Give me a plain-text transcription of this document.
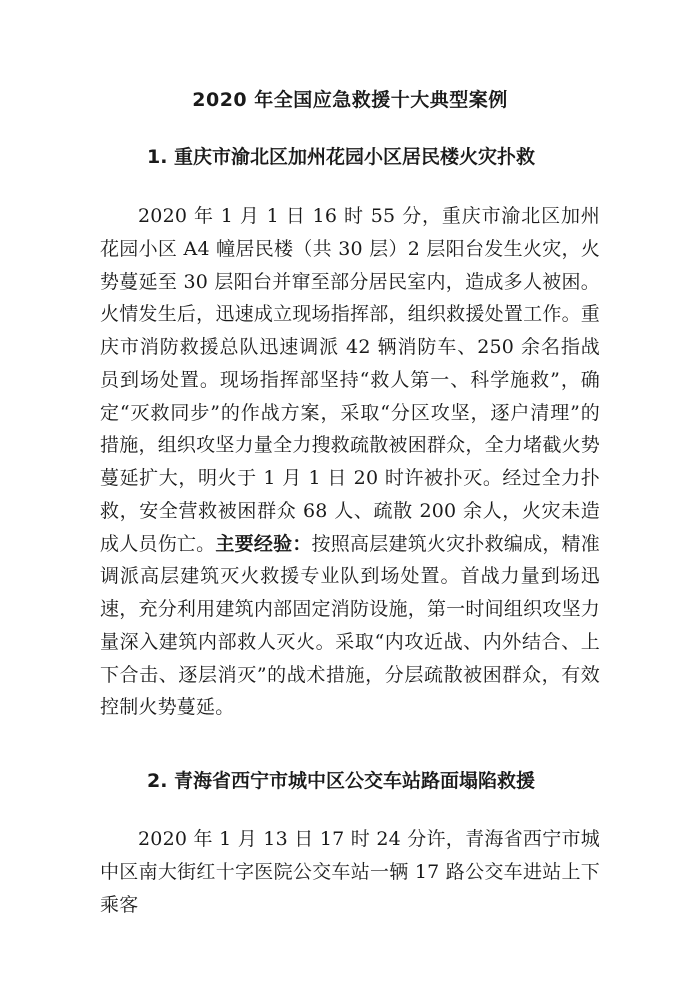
2020 年全国应急救援十大典型案例
1. 重庆市渝北区加州花园小区居民楼火灾扑救

2020 年 1 月 1 日 16 时 55 分，重庆市渝北区加州花园小区 A4 幢居民楼（共 30 层）2 层阳台发生火灾，火势蔓延至 30 层阳台并窜至部分居民室内，造成多人被困。火情发生后，迅速成立现场指挥部，组织救援处置工作。重庆市消防救援总队迅速调派 42 辆消防车、250 余名指战员到场处置。现场指挥部坚持“救人第一、科学施救”，确定“灭救同步”的作战方案，采取“分区攻坚，逐户清理”的措施，组织攻坚力量全力搜救疏散被困群众，全力堵截火势蔓延扩大，明火于 1 月 1 日 20 时许被扑灭。经过全力扑救，安全营救被困群众 68 人、疏散 200 余人，火灾未造成人员伤亡。主要经验：按照高层建筑火灾扑救编成，精准调派高层建筑灭火救援专业队到场处置。首战力量到场迅速，充分利用建筑内部固定消防设施，第一时间组织攻坚力量深入建筑内部救人灭火。采取“内攻近战、内外结合、上下合击、逐层消灭”的战术措施，分层疏散被困群众，有效控制火势蔓延。

2. 青海省西宁市城中区公交车站路面塌陷救援

2020 年 1 月 13 日 17 时 24 分许，青海省西宁市城中区南大街红十字医院公交车站一辆 17 路公交车进站上下乘客
